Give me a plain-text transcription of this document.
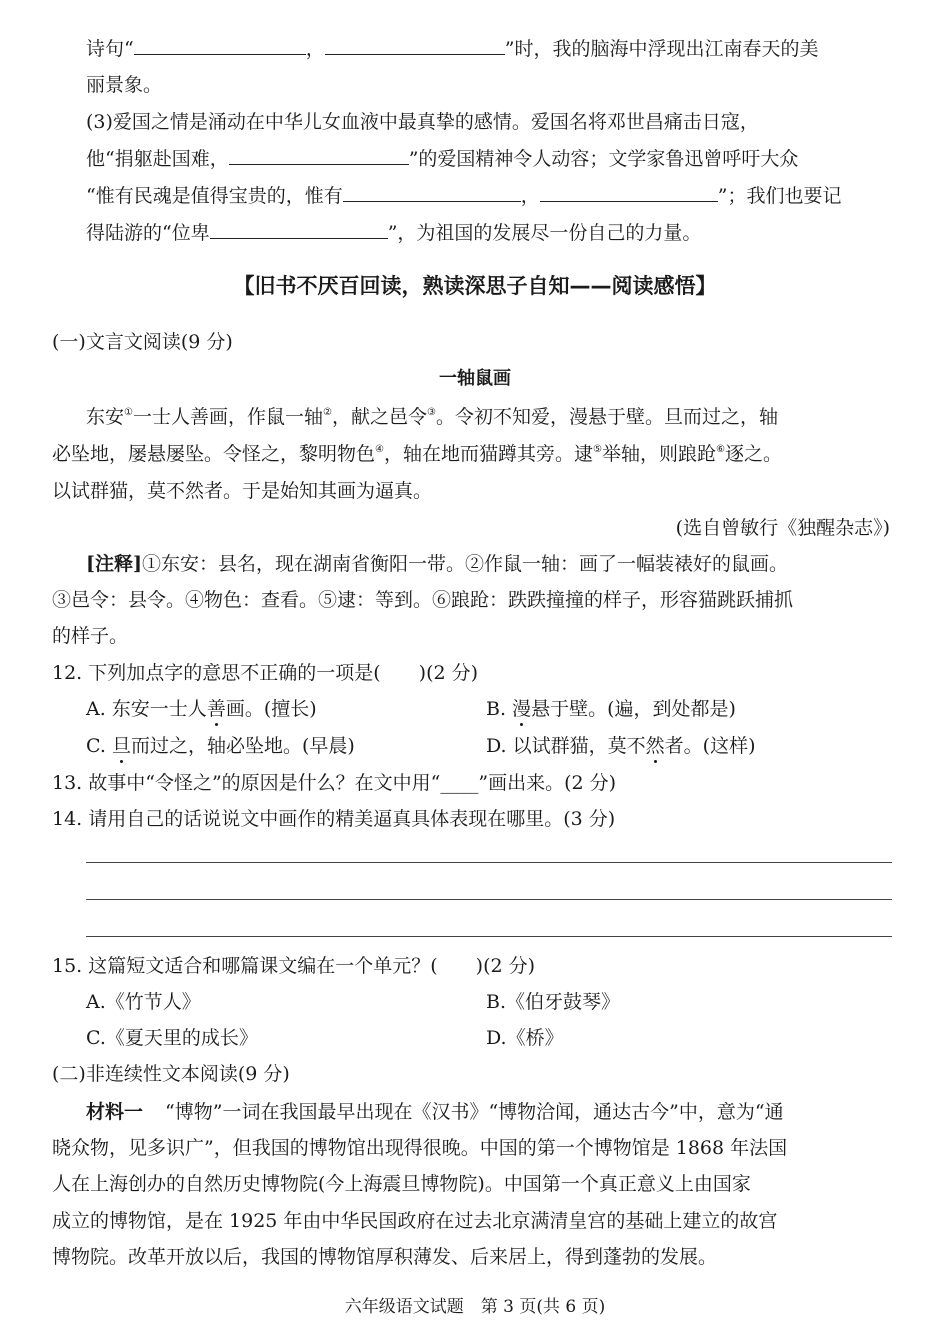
诗句“	，	”时，我的脑海中浮现出江南春天的美
丽景象。
(3)爱国之情是涌动在中华儿女血液中最真挚的感情。爱国名将邓世昌痛击日寇，
他“捐躯赴国难，	”的爱国精神令人动容；文学家鲁迅曾呼吁大众
“惟有民魂是值得宝贵的，惟有	，	”；我们也要记
得陆游的“位卑	”，为祖国的发展尽一份自己的力量。
【旧书不厌百回读，熟读深思子自知——阅读感悟】
(一)文言文阅读(9 分)
一轴鼠画
东安①一士人善画，作鼠一轴②，献之邑令③。令初不知爱，漫悬于壁。旦而过之，轴
必坠地，屡悬屡坠。令怪之，黎明物色④，轴在地而猫蹲其旁。逮⑤举轴，则踉跄⑥逐之。
以试群猫，莫不然者。于是始知其画为逼真。
(选自曾敏行《独醒杂志》)
[注释]①东安：县名，现在湖南省衡阳一带。②作鼠一轴：画了一幅装裱好的鼠画。
③邑令：县令。④物色：查看。⑤逮：等到。⑥踉跄：跌跌撞撞的样子，形容猫跳跃捕抓
的样子。
12. 下列加点字的意思不正确的一项是(　　)(2 分)
A. 东安一士人善画。(擅长)	B. 漫悬于壁。(遍，到处都是)
C. 旦而过之，轴必坠地。(早晨)	D. 以试群猫，莫不然者。(这样)
13. 故事中“令怪之”的原因是什么？在文中用“____”画出来。(2 分)
14. 请用自己的话说说文中画作的精美逼真具体表现在哪里。(3 分)
15. 这篇短文适合和哪篇课文编在一个单元？(　　)(2 分)
A.《竹节人》	B.《伯牙鼓琴》
C.《夏天里的成长》	D.《桥》
(二)非连续性文本阅读(9 分)
材料一 “博物”一词在我国最早出现在《汉书》“博物洽闻，通达古今”中，意为“通
晓众物，见多识广”，但我国的博物馆出现得很晚。中国的第一个博物馆是 1868 年法国
人在上海创办的自然历史博物院(今上海震旦博物院)。中国第一个真正意义上由国家
成立的博物馆，是在 1925 年由中华民国政府在过去北京满清皇宫的基础上建立的故宫
博物院。改革开放以后，我国的博物馆厚积薄发、后来居上，得到蓬勃的发展。
六年级语文试题　第 3 页(共 6 页)
